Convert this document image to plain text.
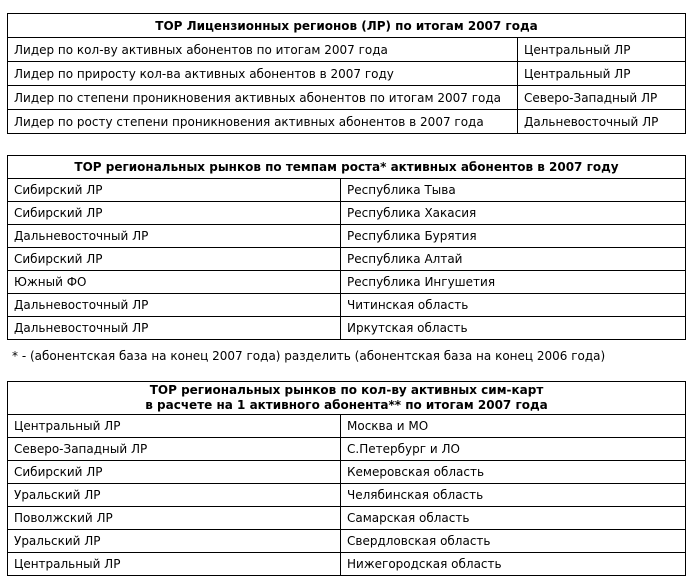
TOP Лицензионных регионов (ЛР) по итогам 2007 года	
Лидер по кол-ву активных абонентов по итогам 2007 года	Центральный ЛР
Лидер по приросту кол-ва активных абонентов в 2007 году	Центральный ЛР
Лидер по степени проникновения активных абонентов по итогам 2007 года	Северо-Западный ЛР
Лидер по росту степени проникновения активных абонентов в 2007 года	Дальневосточный ЛР
TOP региональных рынков по темпам роста* активных абонентов в 2007 году	
Сибирский ЛР	Республика Тыва
Сибирский ЛР	Республика Хакасия
Дальневосточный ЛР	Республика Бурятия
Сибирский ЛР	Республика Алтай
Южный ФО	Республика Ингушетия
Дальневосточный ЛР	Читинская область
Дальневосточный ЛР	Иркутская область
* - (абонентская база на конец 2007 года) разделить (абонентская база на конец 2006 года)
TOP региональных рынков по кол-ву активных сим-карт
в расчете на 1 активного абонента** по итогам 2007 года	

Центральный ЛР	Москва и МО
Северо-Западный ЛР	С.Петербург и ЛО
Сибирский ЛР	Кемеровская область
Уральский ЛР	Челябинская область
Поволжский ЛР	Самарская область
Уральский ЛР	Свердловская область
Центральный ЛР	Нижегородская область
